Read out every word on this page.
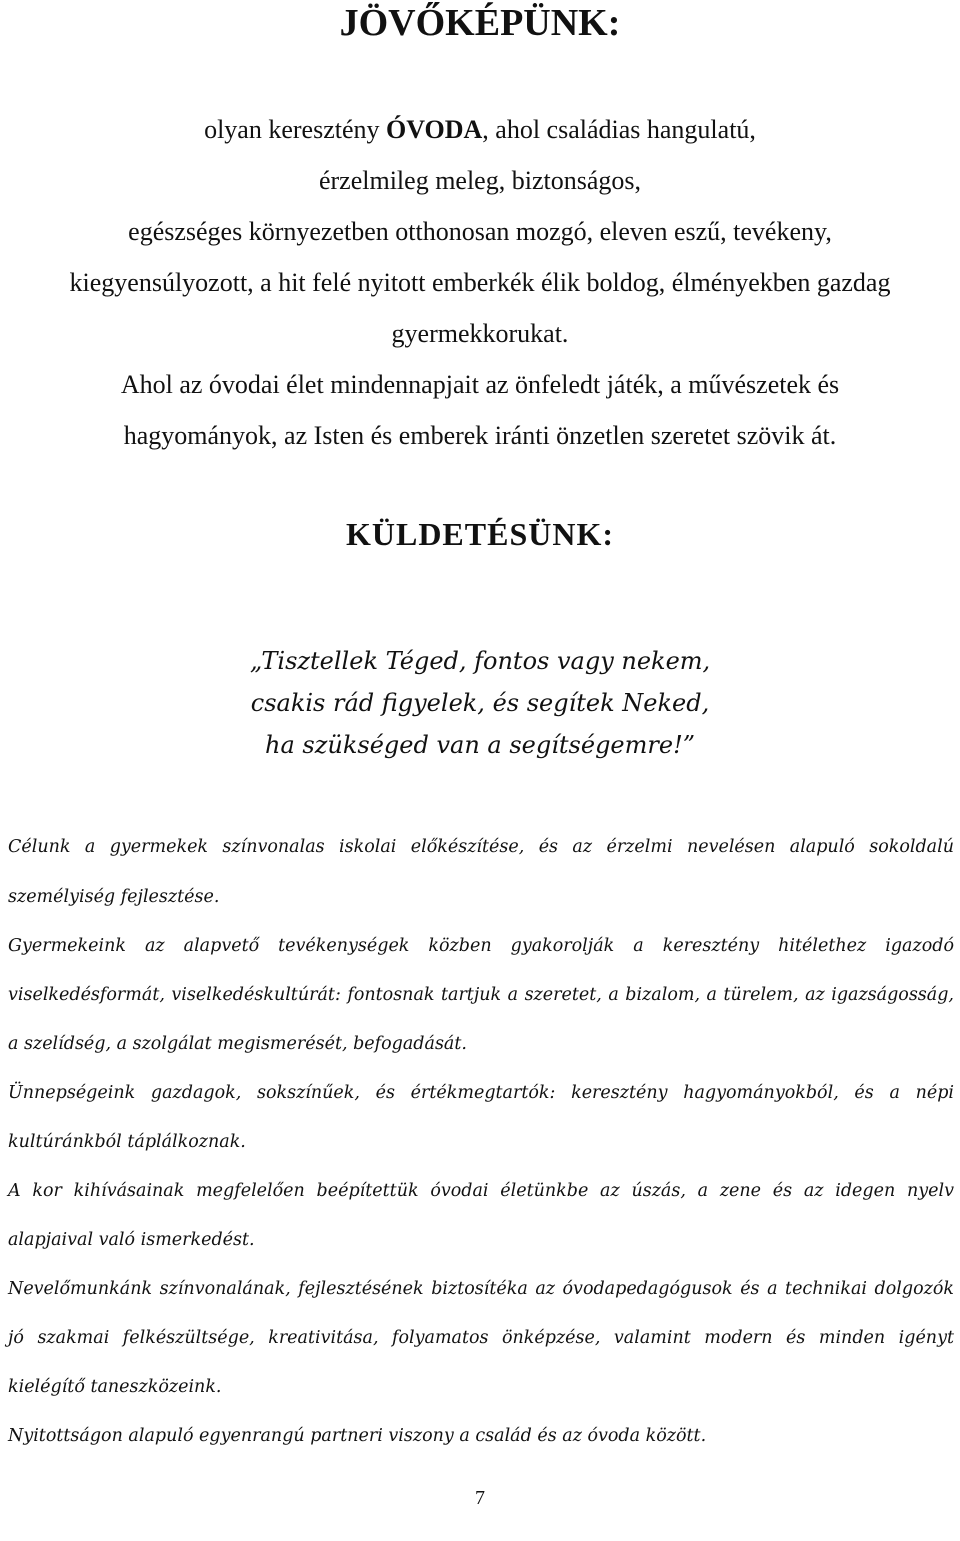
JÖVŐKÉPÜNK:
olyan keresztény ÓVODA, ahol családias hangulatú,
érzelmileg meleg, biztonságos,
egészséges környezetben otthonosan mozgó, eleven eszű, tevékeny,
kiegyensúlyozott, a hit felé nyitott emberkék élik boldog, élményekben gazdag
gyermekkorukat.
Ahol az óvodai élet mindennapjait az önfeledt játék, a művészetek és
hagyományok, az Isten és emberek iránti önzetlen szeretet szövik át.
KÜLDETÉSÜNK:
„Tisztellek Téged, fontos vagy nekem,
csakis rád figyelek, és segítek Neked,
ha szükséged van a segítségemre!”

Célunk a gyermekek színvonalas iskolai előkészítése, és az érzelmi nevelésen alapuló sokoldalú személyiség fejlesztése.

Gyermekeink az alapvető tevékenységek közben gyakorolják a keresztény hitélethez igazodó viselkedésformát, viselkedéskultúrát: fontosnak tartjuk a szeretet, a bizalom, a türelem, az igazságosság, a szelídség, a szolgálat megismerését, befogadását.

Ünnepségeink gazdagok, sokszínűek, és értékmegtartók: keresztény hagyományokból, és a népi kultúránkból táplálkoznak.

A kor kihívásainak megfelelően beépítettük óvodai életünkbe az úszás, a zene és az idegen nyelv alapjaival való ismerkedést.

Nevelőmunkánk színvonalának, fejlesztésének biztosítéka az óvodapedagógusok és a technikai dolgozók jó szakmai felkészültsége, kreativitása, folyamatos önképzése, valamint modern és minden igényt kielégítő taneszközeink.

Nyitottságon alapuló egyenrangú partneri viszony a család és az óvoda között.

7
